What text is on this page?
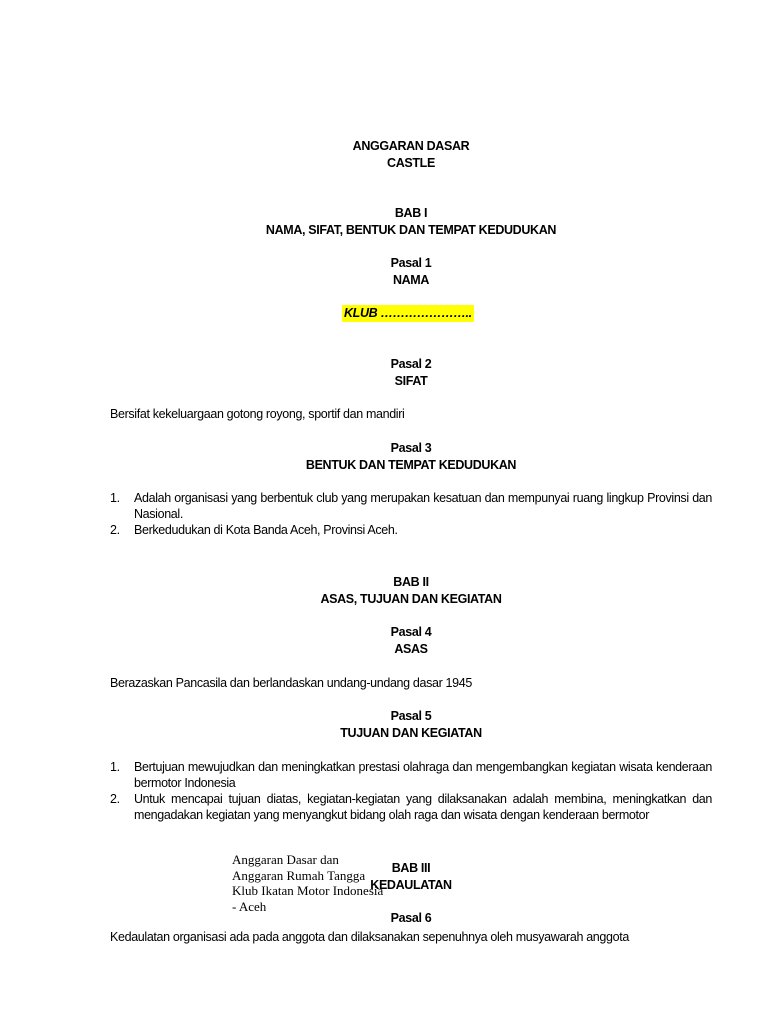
ANGGARAN DASAR
CASTLE
BAB I
NAMA, SIFAT, BENTUK DAN TEMPAT KEDUDUKAN
Pasal 1
NAMA
Pasal 2
SIFAT
Pasal 3
BENTUK DAN TEMPAT KEDUDUKAN
BAB II
ASAS, TUJUAN DAN KEGIATAN
Pasal 4
ASAS
Pasal 5
TUJUAN DAN KEGIATAN
BAB III
KEDAULATAN
Pasal 6
KLUB …………………..
Bersifat kekeluargaan gotong royong, sportif dan mandiri
1. Adalah organisasi yang berbentuk club yang merupakan kesatuan dan mempunyai ruang lingkup Provinsi dan Nasional.
2. Berkedudukan di Kota Banda Aceh, Provinsi Aceh.
Berazaskan Pancasila dan berlandaskan undang-undang dasar 1945
1. Bertujuan mewujudkan dan meningkatkan prestasi olahraga dan mengembangkan kegiatan wisata kenderaan bermotor Indonesia
2. Untuk mencapai tujuan diatas, kegiatan-kegiatan yang dilaksanakan adalah membina, meningkatkan dan mengadakan kegiatan yang menyangkut bidang olah raga dan wisata dengan kenderaan bermotor
Anggaran Dasar dan
Anggaran Rumah Tangga
Klub Ikatan Motor Indonesia
- Aceh
Kedaulatan organisasi ada pada anggota dan dilaksanakan sepenuhnya oleh musyawarah anggota
